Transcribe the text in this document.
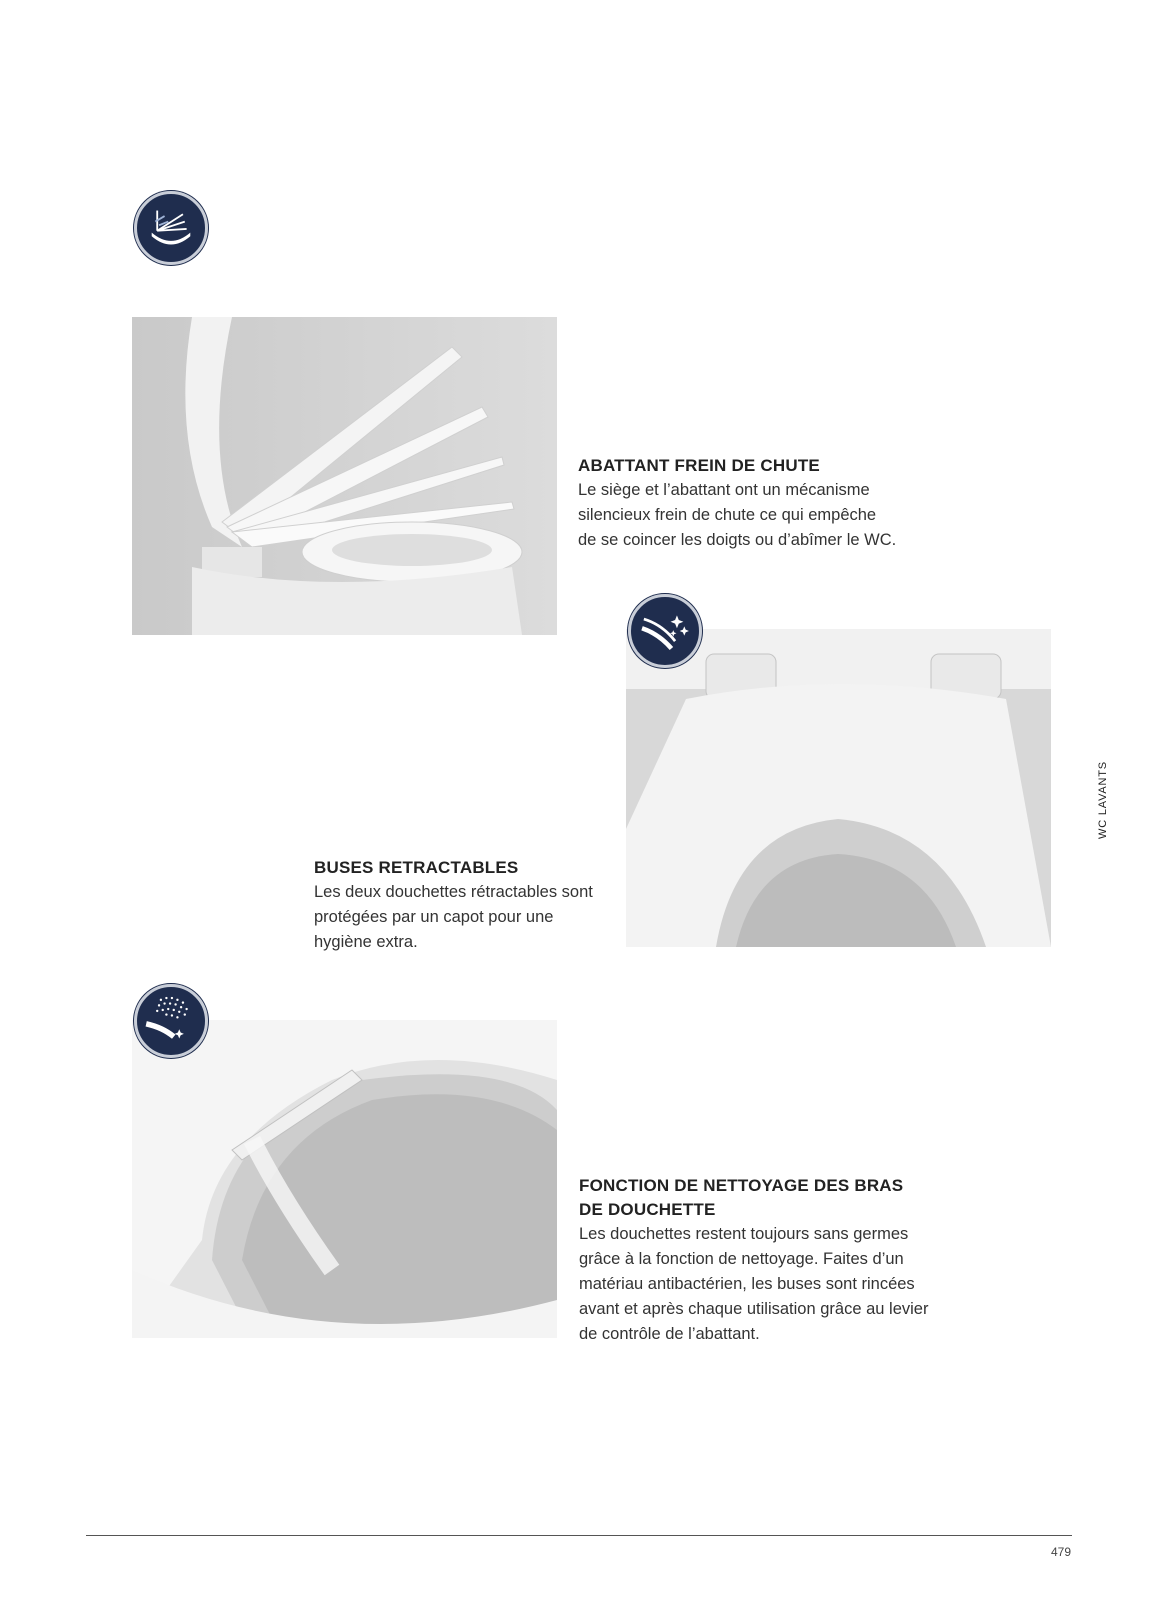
ABATTANT FREIN DE CHUTE

Le siège et l’abattant ont un mécanisme

silencieux frein de chute ce qui empêche

de se coincer les doigts ou d’abîmer le WC.

BUSES RETRACTABLES

Les deux douchettes rétractables sont

protégées par un capot pour une

hygiène extra.

FONCTION DE NETTOYAGE DES BRAS
DE DOUCHETTE

Les douchettes restent toujours sans germes

grâce à la fonction de nettoyage. Faites d’un

matériau antibactérien, les buses sont rincées

avant et après chaque utilisation grâce au levier

de contrôle de l’abattant.

WC LAVANTS
479
